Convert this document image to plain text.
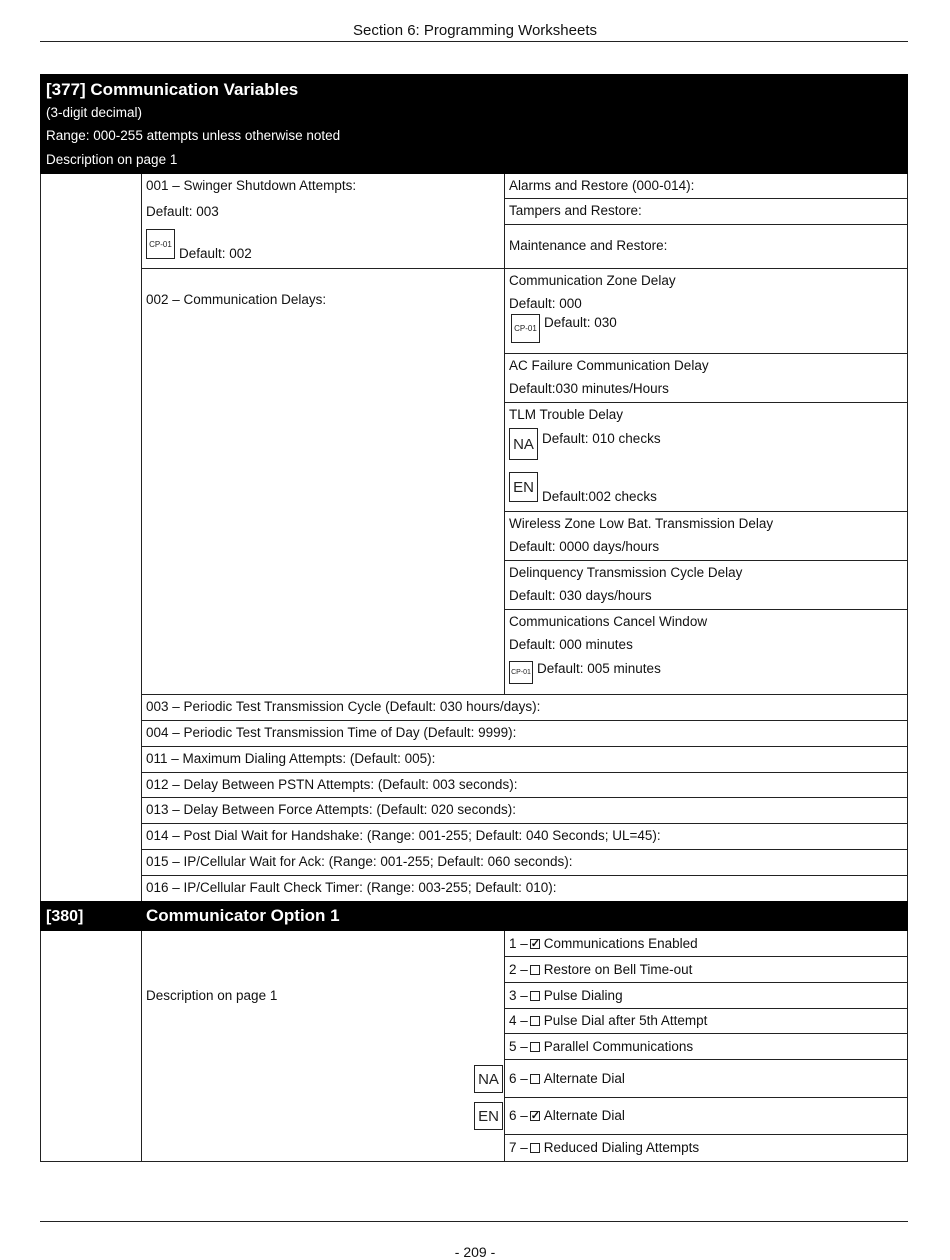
Section 6: Programming Worksheets
[377] Communication Variables
(3-digit decimal)
Range: 000-255 attempts unless otherwise noted
Description on page 1
001 – Swinger Shutdown Attempts:
Default: 003
CP-01
Default: 002
Alarms and Restore (000-014):
Tampers and Restore:
Maintenance and Restore:
002 – Communication Delays:
Communication Zone Delay
Default: 000
CP-01 Default: 030
AC Failure Communication Delay
Default:030 minutes/Hours
TLM Trouble Delay
NA Default: 010 checks
EN
Default:002 checks
Wireless Zone Low Bat. Transmission Delay
Default: 0000 days/hours
Delinquency Transmission Cycle Delay
Default: 030 days/hours
Communications Cancel Window
Default: 000 minutes
CP-01 Default: 005 minutes
003 – Periodic Test Transmission Cycle (Default: 030 hours/days):
004 – Periodic Test Transmission Time of Day (Default: 9999):
011 – Maximum Dialing Attempts: (Default: 005):
012 – Delay Between PSTN Attempts: (Default: 003 seconds):
013 – Delay Between Force Attempts: (Default: 020 seconds):
014 – Post Dial Wait for Handshake: (Range: 001-255; Default: 040 Seconds; UL=45):
015 – IP/Cellular Wait for Ack: (Range: 001-255; Default: 060 seconds):
016 – IP/Cellular Fault Check Timer: (Range: 003-255; Default: 010):
[380]	Communicator Option 1
Description on page 1
1 – ✓ Communications Enabled
2 – Restore on Bell Time-out
3 – Pulse Dialing
4 – Pulse Dial after 5th Attempt
5 – Parallel Communications
NA 6 – Alternate Dial
EN 6 – ✓ Alternate Dial
7 – Reduced Dialing Attempts
- 209 -
